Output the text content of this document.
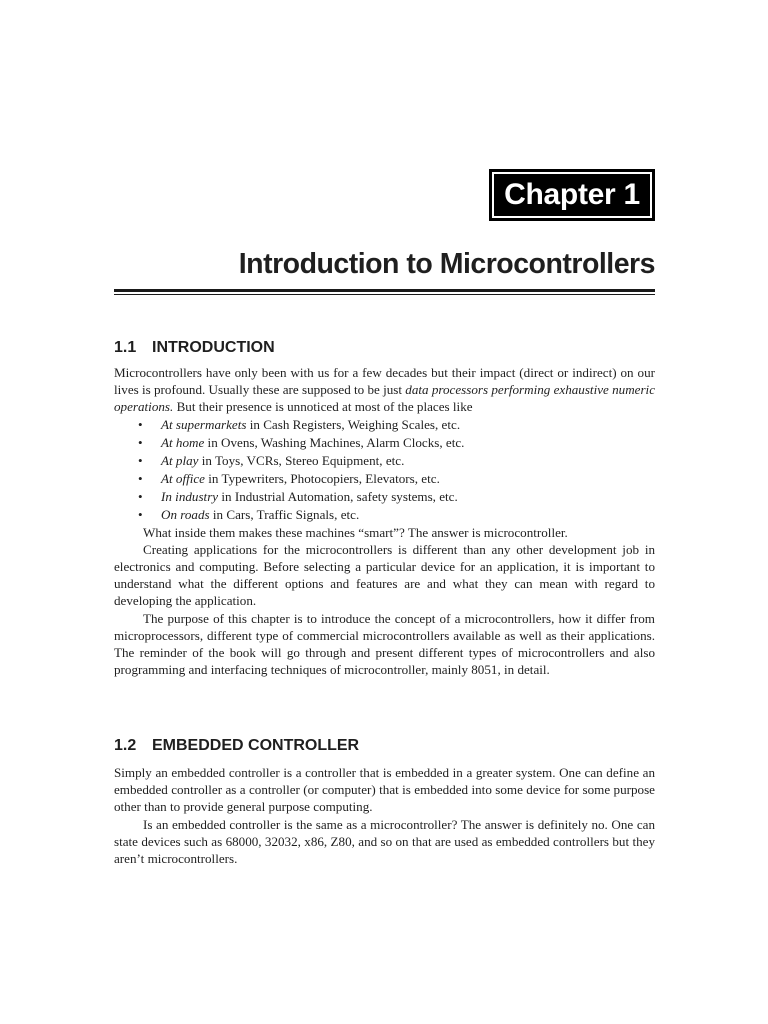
Chapter 1
Introduction to Microcontrollers
1.1 INTRODUCTION

Microcontrollers have only been with us for a few decades but their impact (direct or indirect) on our lives is profound. Usually these are supposed to be just data processors performing exhaustive numeric operations. But their presence is unnoticed at most of the places like

• At supermarkets in Cash Registers, Weighing Scales, etc.
• At home in Ovens, Washing Machines, Alarm Clocks, etc.
• At play in Toys, VCRs, Stereo Equipment, etc.
• At office in Typewriters, Photocopiers, Elevators, etc.
• In industry in Industrial Automation, safety systems, etc.
• On roads in Cars, Traffic Signals, etc.

What inside them makes these machines “smart”? The answer is microcontroller.

Creating applications for the microcontrollers is different than any other development job in electronics and computing. Before selecting a particular device for an application, it is important to understand what the different options and features are and what they can mean with regard to developing the application.

The purpose of this chapter is to introduce the concept of a microcontrollers, how it differ from microprocessors, different type of commercial microcontrollers available as well as their applications. The reminder of the book will go through and present different types of microcontrollers and also programming and interfacing techniques of microcontroller, mainly 8051, in detail.

1.2 EMBEDDED CONTROLLER

Simply an embedded controller is a controller that is embedded in a greater system. One can define an embedded controller as a controller (or computer) that is embedded into some device for some purpose other than to provide general purpose computing.

Is an embedded controller is the same as a microcontroller? The answer is definitely no. One can state devices such as 68000, 32032, x86, Z80, and so on that are used as embedded controllers but they aren’t microcontrollers.
